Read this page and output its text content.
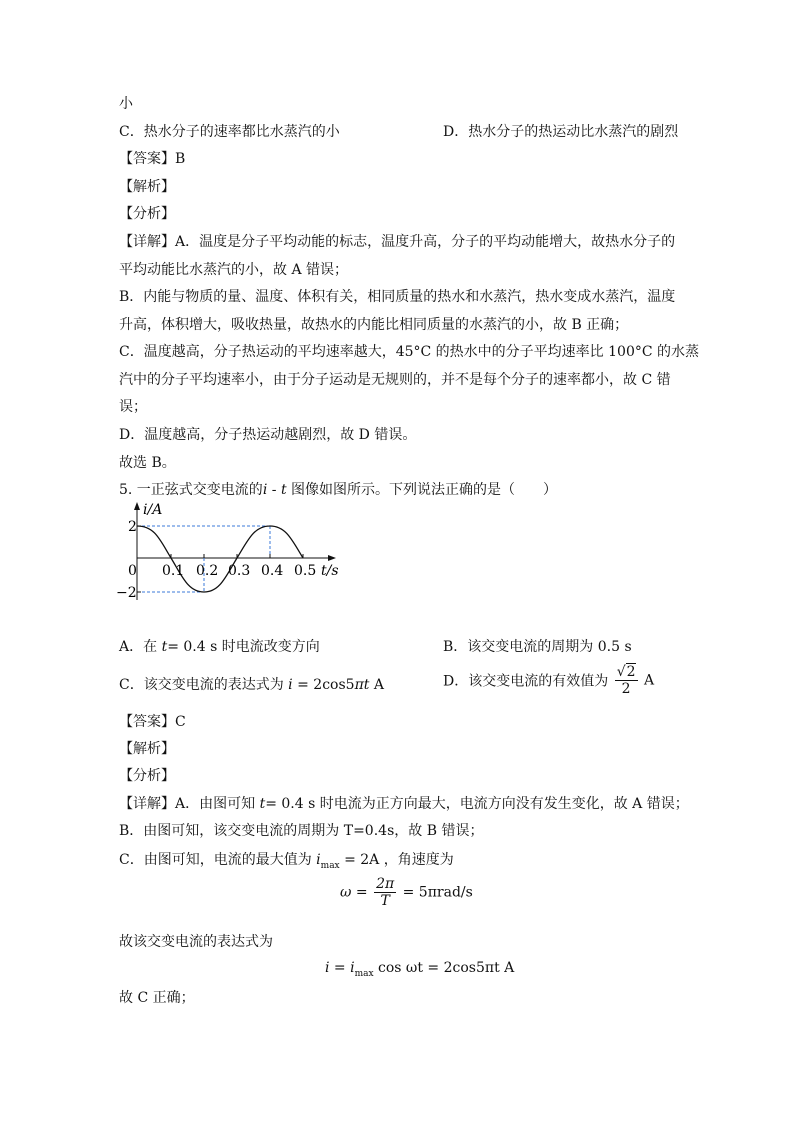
小
C．热水分子的速率都比水蒸汽的小	D．热水分子的热运动比水蒸汽的剧烈
【答案】B
【解析】
【分析】
【详解】A．温度是分子平均动能的标志，温度升高，分子的平均动能增大，故热水分子的
平均动能比水蒸汽的小，故 A 错误；
B．内能与物质的量、温度、体积有关，相同质量的热水和水蒸汽，热水变成水蒸汽，温度
升高，体积增大，吸收热量，故热水的内能比相同质量的水蒸汽的小，故 B 正确；
C．温度越高，分子热运动的平均速率越大，45°C 的热水中的分子平均速率比 100°C 的水蒸
汽中的分子平均速率小，由于分子运动是无规则的，并不是每个分子的速率都小，故 C 错
误；
D．温度越高，分子热运动越剧烈，故 D 错误。
故选 B。
5. 一正弦式交变电流的i - t 图像如图所示。下列说法正确的是（　　）
i/A
2
0
−2
0.1 0.2 0.3 0.4 0.5 t/s
A．在 t= 0.4 s 时电流改变方向	B．该交变电流的周期为 0.5 s
C．该交变电流的表达式为 i = 2cos5πt A	D．该交变电流的有效值为 $\frac{√2}{2}$ A
【答案】C
【解析】
【分析】
【详解】A．由图可知 t= 0.4 s 时电流为正方向最大，电流方向没有发生变化，故 A 错误；
B．由图可知，该交变电流的周期为 T=0.4s，故 B 错误；
C．由图可知，电流的最大值为 $i_{max} = 2A$ ，角速度为
$\omega = \frac{2\pi}{T} = 5\pi rad/s$
故该交变电流的表达式为
$i = i_{max}$ cos ωt = 2cos5πt A
故 C 正确；
